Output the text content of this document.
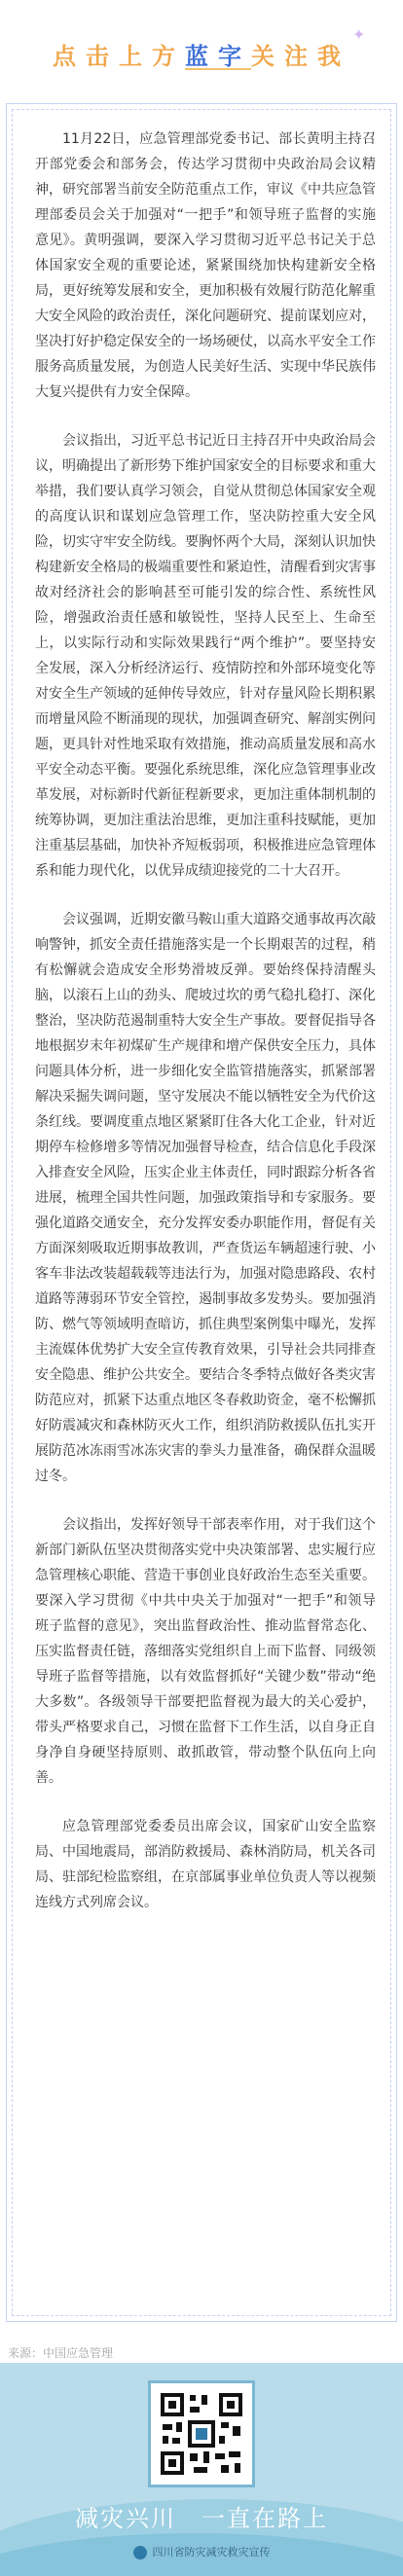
点击上方蓝字关注我
✦

11月22日，应急管理部党委书记、部长黄明主持召开部党委会和部务会，传达学习贯彻中央政治局会议精神，研究部署当前安全防范重点工作，审议《中共应急管理部委员会关于加强对“一把手”和领导班子监督的实施意见》。黄明强调，要深入学习贯彻习近平总书记关于总体国家安全观的重要论述，紧紧围绕加快构建新安全格局，更好统筹发展和安全，更加积极有效履行防范化解重大安全风险的政治责任，深化问题研究、提前谋划应对，坚决打好护稳定保安全的一场场硬仗，以高水平安全工作服务高质量发展，为创造人民美好生活、实现中华民族伟大复兴提供有力安全保障。

会议指出，习近平总书记近日主持召开中央政治局会议，明确提出了新形势下维护国家安全的目标要求和重大举措，我们要认真学习领会，自觉从贯彻总体国家安全观的高度认识和谋划应急管理工作，坚决防控重大安全风险，切实守牢安全防线。要胸怀两个大局，深刻认识加快构建新安全格局的极端重要性和紧迫性，清醒看到灾害事故对经济社会的影响甚至可能引发的综合性、系统性风险，增强政治责任感和敏锐性，坚持人民至上、生命至上，以实际行动和实际效果践行“两个维护”。要坚持安全发展，深入分析经济运行、疫情防控和外部环境变化等对安全生产领域的延伸传导效应，针对存量风险长期积累而增量风险不断涌现的现状，加强调查研究、解剖实例问题，更具针对性地采取有效措施，推动高质量发展和高水平安全动态平衡。要强化系统思维，深化应急管理事业改革发展，对标新时代新征程新要求，更加注重体制机制的统筹协调，更加注重法治思维，更加注重科技赋能，更加注重基层基础，加快补齐短板弱项，积极推进应急管理体系和能力现代化，以优异成绩迎接党的二十大召开。

会议强调，近期安徽马鞍山重大道路交通事故再次敲响警钟，抓安全责任措施落实是一个长期艰苦的过程，稍有松懈就会造成安全形势滑坡反弹。要始终保持清醒头脑，以滚石上山的劲头、爬坡过坎的勇气稳扎稳打、深化整治，坚决防范遏制重特大安全生产事故。要督促指导各地根据岁末年初煤矿生产规律和增产保供安全压力，具体问题具体分析，进一步细化安全监管措施落实，抓紧部署解决采掘失调问题，坚守发展决不能以牺牲安全为代价这条红线。要调度重点地区紧紧盯住各大化工企业，针对近期停车检修增多等情况加强督导检查，结合信息化手段深入排查安全风险，压实企业主体责任，同时跟踪分析各省进展，梳理全国共性问题，加强政策指导和专家服务。要强化道路交通安全，充分发挥安委办职能作用，督促有关方面深刻吸取近期事故教训，严查货运车辆超速行驶、小客车非法改装超载载等违法行为，加强对隐患路段、农村道路等薄弱环节安全管控，遏制事故多发势头。要加强消防、燃气等领域明查暗访，抓住典型案例集中曝光，发挥主流媒体优势扩大安全宣传教育效果，引导社会共同排查安全隐患、维护公共安全。要结合冬季特点做好各类灾害防范应对，抓紧下达重点地区冬春救助资金，毫不松懈抓好防震减灾和森林防灭火工作，组织消防救援队伍扎实开展防范冰冻雨雪冰冻灾害的拳头力量准备，确保群众温暖过冬。

会议指出，发挥好领导干部表率作用，对于我们这个新部门新队伍坚决贯彻落实党中央决策部署、忠实履行应急管理核心职能、营造干事创业良好政治生态至关重要。要深入学习贯彻《中共中央关于加强对“一把手”和领导班子监督的意见》，突出监督政治性、推动监督常态化、压实监督责任链，落细落实党组织自上而下监督、同级领导班子监督等措施，以有效监督抓好“关键少数”带动“绝大多数”。各级领导干部要把监督视为最大的关心爱护，带头严格要求自己，习惯在监督下工作生活，以自身正自身净自身硬坚持原则、敢抓敢管，带动整个队伍向上向善。

应急管理部党委委员出席会议，国家矿山安全监察局、中国地震局，部消防救援局、森林消防局，机关各司局、驻部纪检监察组，在京部属事业单位负责人等以视频连线方式列席会议。

来源：中国应急管理
减灾兴川　一直在路上
四川省防灾减灾救灾宣传
